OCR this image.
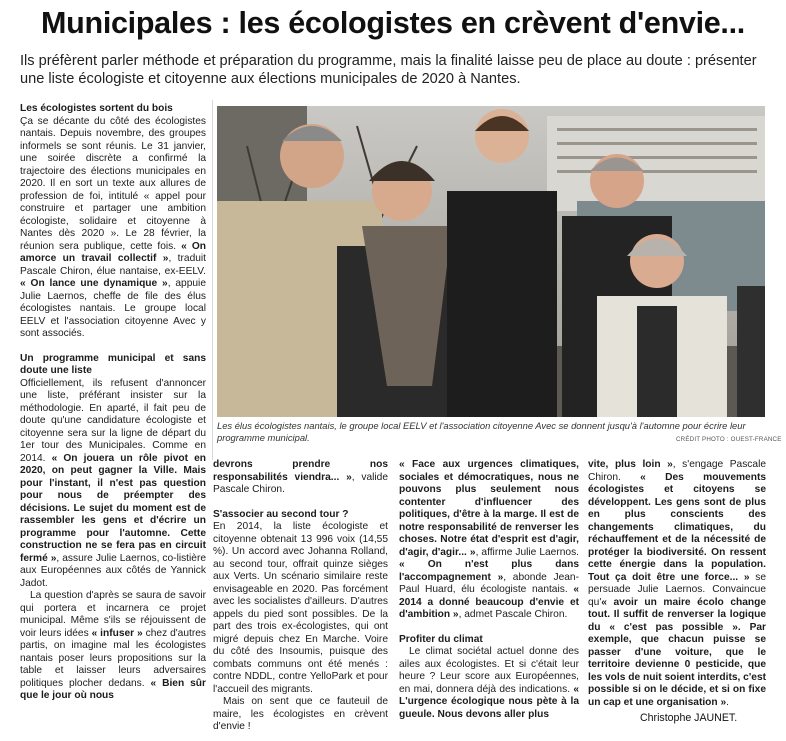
Municipales : les écologistes en crèvent d'envie...

Ils préfèrent parler méthode et préparation du programme, mais la finalité laisse peu de place au doute : présenter une liste écologiste et citoyenne aux élections municipales de 2020 à Nantes.

Les écologistes sortent du bois

Ça se décante du côté des écologistes nantais. Depuis novembre, des groupes informels se sont réunis. Le 31 janvier, une soirée discrète a confirmé la trajectoire des élections municipales en 2020. Il en sort un texte aux allures de profession de foi, intitulé « appel pour construire et partager une ambition écologiste, solidaire et citoyenne à Nantes dès 2020 ». Le 28 février, la réunion sera publique, cette fois. « On amorce un travail collectif », traduit Pascale Chiron, élue nantaise, ex-EELV. « On lance une dynamique », appuie Julie Laernos, cheffe de file des élus écologistes nantais. Le groupe local EELV et l'association citoyenne Avec y sont associés.

Un programme municipal et sans doute une liste

Officiellement, ils refusent d'annoncer une liste, préférant insister sur la méthodologie. En aparté, il fait peu de doute qu'une candidature écologiste et citoyenne sera sur la ligne de départ du 1er tour des Municipales. Comme en 2014. « On jouera un rôle pivot en 2020, on peut gagner la Ville. Mais pour l'instant, il n'est pas question pour nous de préempter des décisions. Le sujet du moment est de rassembler les gens et d'écrire un programme pour l'automne. Cette construction ne se fera pas en circuit fermé », assure Julie Laernos, co-listière aux Européennes aux côtés de Yannick Jadot.

La question d'après se saura de savoir qui portera et incarnera ce projet municipal. Même s'ils se réjouissent de voir leurs idées « infuser » chez d'autres partis, on imagine mal les écologistes nantais poser leurs propositions sur la table et laisser leurs adversaires politiques plocher dedans. « Bien sûr que le jour où nous

Les élus écologistes nantais, le groupe local EELV et l'association citoyenne Avec se donnent jusqu'à l'automne pour écrire leur programme municipal.	CRÉDIT PHOTO : OUEST-FRANCE

devrons prendre nos responsabilités viendra... », valide Pascale Chiron.

S'associer au second tour ?

En 2014, la liste écologiste et citoyenne obtenait 13 996 voix (14,55 %). Un accord avec Johanna Rolland, au second tour, offrait quinze sièges aux Verts. Un scénario similaire reste envisageable en 2020. Pas forcément avec les socialistes d'ailleurs. D'autres appels du pied sont possibles. De la part des trois ex-écologistes, qui ont migré depuis chez En Marche. Voire du côté des Insoumis, puisque des combats communs ont été menés : contre NDDL, contre YelloPark et pour l'accueil des migrants.

Mais on sent que ce fauteuil de maire, les écologistes en crèvent d'envie !

« Face aux urgences climatiques, sociales et démocratiques, nous ne pouvons plus seulement nous contenter d'influencer des politiques, d'être à la marge. Il est de notre responsabilité de renverser les choses. Notre état d'esprit est d'agir, d'agir, d'agir... », affirme Julie Laernos. « On n'est plus dans l'accompagnement », abonde Jean-Paul Huard, élu écologiste nantais. « 2014 a donné beaucoup d'envie et d'ambition », admet Pascale Chiron.

Profiter du climat

Le climat sociétal actuel donne des ailes aux écologistes. Et si c'était leur heure ? Leur score aux Européennes, en mai, donnera déjà des indications. « L'urgence écologique nous pète à la gueule. Nous devons aller plus

vite, plus loin », s'engage Pascale Chiron. « Des mouvements écologistes et citoyens se développent. Les gens sont de plus en plus conscients des changements climatiques, du réchauffement et de la nécessité de protéger la biodiversité. On ressent cette énergie dans la population. Tout ça doit être une force... » se persuade Julie Laernos. Convaincue qu'« avoir un maire écolo change tout. Il suffit de renverser la logique du « c'est pas possible ». Par exemple, que chacun puisse se passer d'une voiture, que le territoire devienne 0 pesticide, que les vols de nuit soient interdits, c'est possible si on le décide, et si on fixe un cap et une organisation ».

Christophe JAUNET.
